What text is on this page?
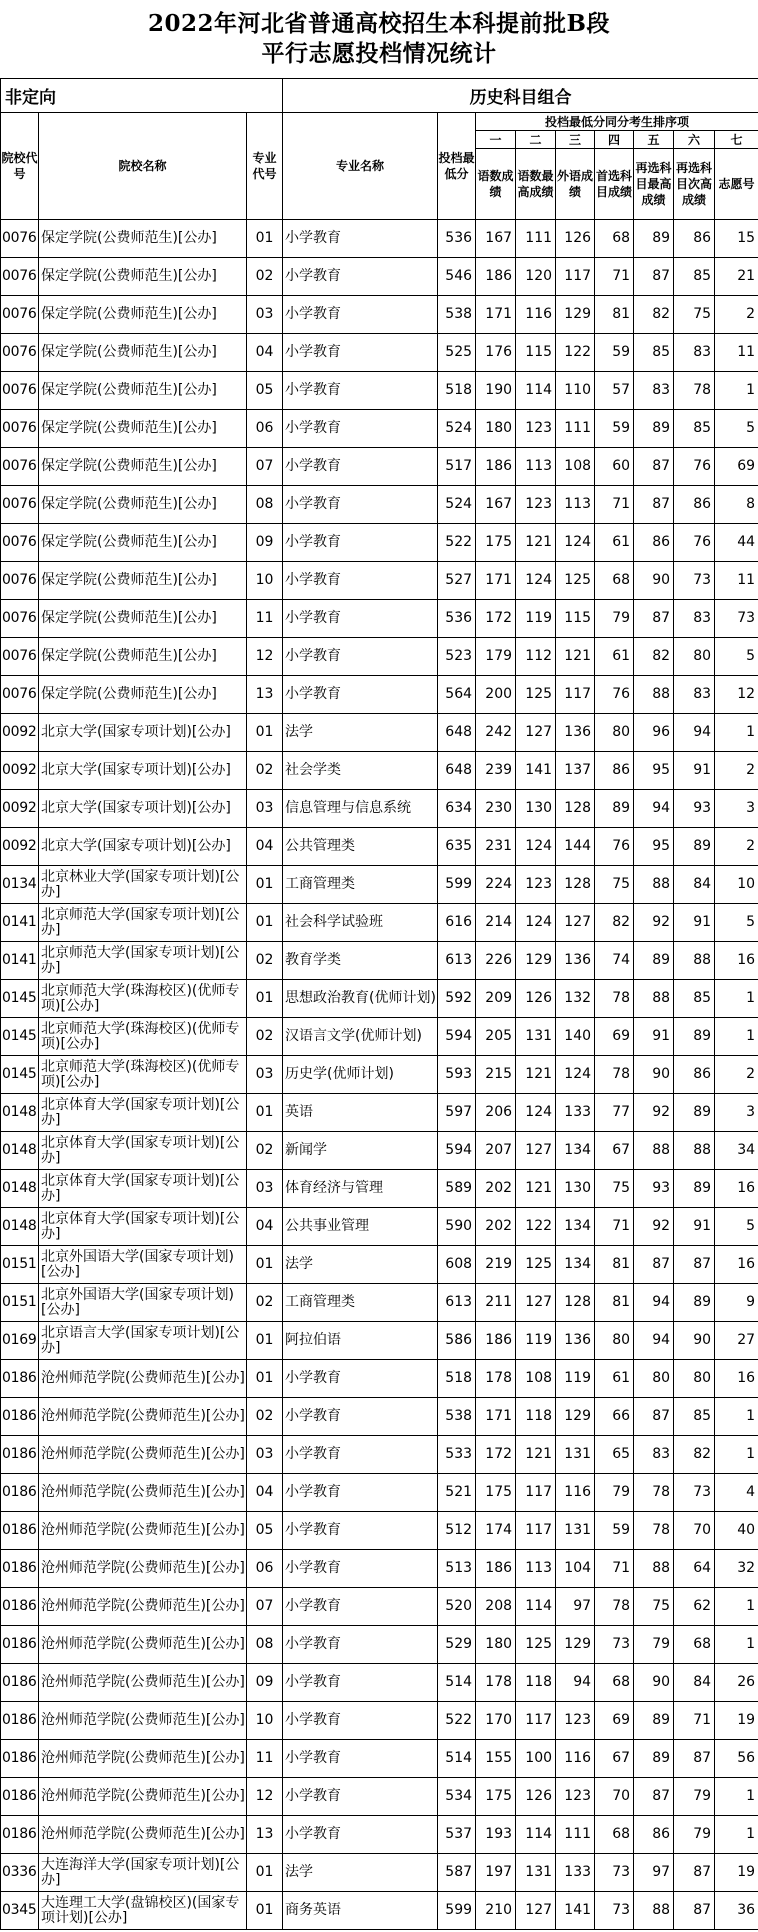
2022年河北省普通高校招生本科提前批B段
平行志愿投档情况统计
非定向			历史科目组合								
院校代号	院校名称	专业代号	专业名称	投档最低分	投档最低分同分考生排序项						
					一	二	三	四	五	六	七
					语数成绩	语数最高成绩	外语成绩	首选科目成绩	再选科目最高成绩	再选科目次高成绩	志愿号
0076	保定学院(公费师范生)[公办]	01	小学教育	536	167	111	126	68	89	86	15
0076	保定学院(公费师范生)[公办]	02	小学教育	546	186	120	117	71	87	85	21
0076	保定学院(公费师范生)[公办]	03	小学教育	538	171	116	129	81	82	75	2
0076	保定学院(公费师范生)[公办]	04	小学教育	525	176	115	122	59	85	83	11
0076	保定学院(公费师范生)[公办]	05	小学教育	518	190	114	110	57	83	78	1
0076	保定学院(公费师范生)[公办]	06	小学教育	524	180	123	111	59	89	85	5
0076	保定学院(公费师范生)[公办]	07	小学教育	517	186	113	108	60	87	76	69
0076	保定学院(公费师范生)[公办]	08	小学教育	524	167	123	113	71	87	86	8
0076	保定学院(公费师范生)[公办]	09	小学教育	522	175	121	124	61	86	76	44
0076	保定学院(公费师范生)[公办]	10	小学教育	527	171	124	125	68	90	73	11
0076	保定学院(公费师范生)[公办]	11	小学教育	536	172	119	115	79	87	83	73
0076	保定学院(公费师范生)[公办]	12	小学教育	523	179	112	121	61	82	80	5
0076	保定学院(公费师范生)[公办]	13	小学教育	564	200	125	117	76	88	83	12
0092	北京大学(国家专项计划)[公办]	01	法学	648	242	127	136	80	96	94	1
0092	北京大学(国家专项计划)[公办]	02	社会学类	648	239	141	137	86	95	91	2
0092	北京大学(国家专项计划)[公办]	03	信息管理与信息系统	634	230	130	128	89	94	93	3
0092	北京大学(国家专项计划)[公办]	04	公共管理类	635	231	124	144	76	95	89	2
0134	北京林业大学(国家专项计划)[公办]	01	工商管理类	599	224	123	128	75	88	84	10
0141	北京师范大学(国家专项计划)[公办]	01	社会科学试验班	616	214	124	127	82	92	91	5
0141	北京师范大学(国家专项计划)[公办]	02	教育学类	613	226	129	136	74	89	88	16
0145	北京师范大学(珠海校区)(优师专项)[公办]	01	思想政治教育(优师计划)	592	209	126	132	78	88	85	1
0145	北京师范大学(珠海校区)(优师专项)[公办]	02	汉语言文学(优师计划)	594	205	131	140	69	91	89	1
0145	北京师范大学(珠海校区)(优师专项)[公办]	03	历史学(优师计划)	593	215	121	124	78	90	86	2
0148	北京体育大学(国家专项计划)[公办]	01	英语	597	206	124	133	77	92	89	3
0148	北京体育大学(国家专项计划)[公办]	02	新闻学	594	207	127	134	67	88	88	34
0148	北京体育大学(国家专项计划)[公办]	03	体育经济与管理	589	202	121	130	75	93	89	16
0148	北京体育大学(国家专项计划)[公办]	04	公共事业管理	590	202	122	134	71	92	91	5
0151	北京外国语大学(国家专项计划)[公办]	01	法学	608	219	125	134	81	87	87	16
0151	北京外国语大学(国家专项计划)[公办]	02	工商管理类	613	211	127	128	81	94	89	9
0169	北京语言大学(国家专项计划)[公办]	01	阿拉伯语	586	186	119	136	80	94	90	27
0186	沧州师范学院(公费师范生)[公办]	01	小学教育	518	178	108	119	61	80	80	16
0186	沧州师范学院(公费师范生)[公办]	02	小学教育	538	171	118	129	66	87	85	1
0186	沧州师范学院(公费师范生)[公办]	03	小学教育	533	172	121	131	65	83	82	1
0186	沧州师范学院(公费师范生)[公办]	04	小学教育	521	175	117	116	79	78	73	4
0186	沧州师范学院(公费师范生)[公办]	05	小学教育	512	174	117	131	59	78	70	40
0186	沧州师范学院(公费师范生)[公办]	06	小学教育	513	186	113	104	71	88	64	32
0186	沧州师范学院(公费师范生)[公办]	07	小学教育	520	208	114	97	78	75	62	1
0186	沧州师范学院(公费师范生)[公办]	08	小学教育	529	180	125	129	73	79	68	1
0186	沧州师范学院(公费师范生)[公办]	09	小学教育	514	178	118	94	68	90	84	26
0186	沧州师范学院(公费师范生)[公办]	10	小学教育	522	170	117	123	69	89	71	19
0186	沧州师范学院(公费师范生)[公办]	11	小学教育	514	155	100	116	67	89	87	56
0186	沧州师范学院(公费师范生)[公办]	12	小学教育	534	175	126	123	70	87	79	1
0186	沧州师范学院(公费师范生)[公办]	13	小学教育	537	193	114	111	68	86	79	1
0336	大连海洋大学(国家专项计划)[公办]	01	法学	587	197	131	133	73	97	87	19
0345	大连理工大学(盘锦校区)(国家专项计划)[公办]	01	商务英语	599	210	127	141	73	88	87	36
